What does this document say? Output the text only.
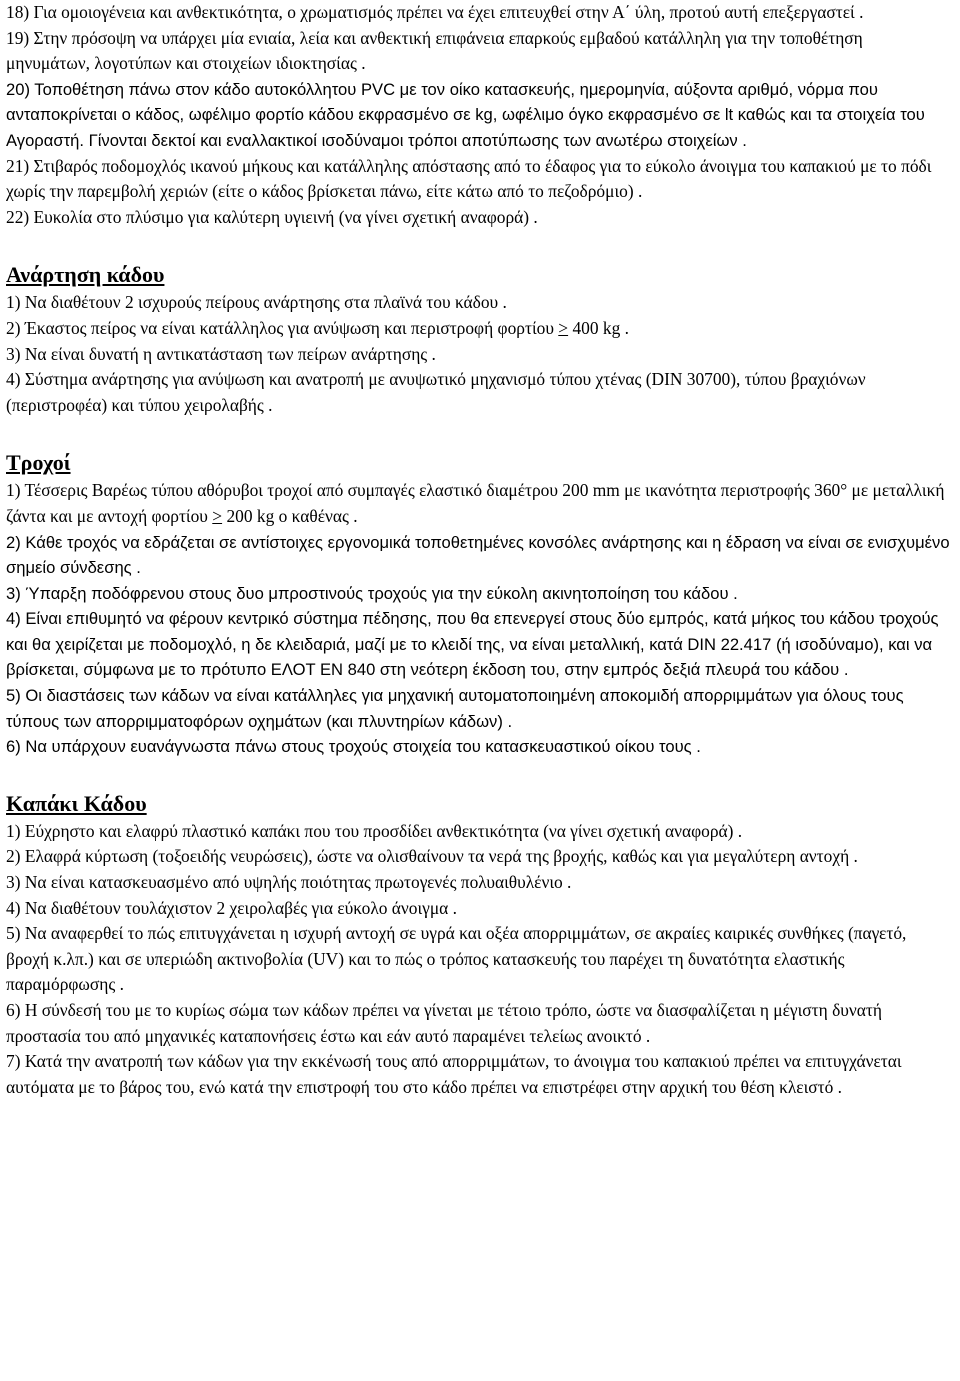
18) Για ομοιογένεια και ανθεκτικότητα, ο χρωματισμός πρέπει να έχει επιτευχθεί στην Α΄ ύλη, προτού αυτή επεξεργαστεί .

19) Στην πρόσοψη να υπάρχει μία ενιαία, λεία και ανθεκτική επιφάνεια επαρκούς εμβαδού κατάλληλη για την τοποθέτηση μηνυμάτων, λογοτύπων και στοιχείων ιδιοκτησίας .

20) Τοποθέτηση πάνω στον κάδο αυτοκόλλητου PVC με τον οίκο κατασκευής, ημερομηνία, αύξοντα αριθμό, νόρμα που ανταποκρίνεται ο κάδος, ωφέλιμο φορτίο κάδου εκφρασμένο σε kg, ωφέλιμο όγκο εκφρασμένο σε lt καθώς και τα στοιχεία του Αγοραστή. Γίνονται δεκτοί και εναλλακτικοί ισοδύναμοι τρόποι αποτύπωσης των ανωτέρω στοιχείων .

21) Στιβαρός ποδομοχλός ικανού μήκους και κατάλληλης απόστασης από το έδαφος για το εύκολο άνοιγμα του καπακιού με το πόδι χωρίς την παρεμβολή χεριών (είτε ο κάδος βρίσκεται πάνω, είτε κάτω από το πεζοδρόμιο) .

22) Ευκολία στο πλύσιμο για καλύτερη υγιεινή (να γίνει σχετική αναφορά) .

Ανάρτηση κάδου

1) Να διαθέτουν 2 ισχυρούς πείρους ανάρτησης στα πλαϊνά του κάδου .

2) Έκαστος πείρος να είναι κατάλληλος για ανύψωση και περιστροφή φορτίου > 400 kg .

3) Να είναι δυνατή η αντικατάσταση των πείρων ανάρτησης .

4) Σύστημα ανάρτησης για ανύψωση και ανατροπή με ανυψωτικό μηχανισμό τύπου χτένας (DIN 30700), τύπου βραχιόνων (περιστροφέα) και τύπου χειρολαβής .

Τροχοί

1) Τέσσερις Βαρέως τύπου αθόρυβοι τροχοί από συμπαγές ελαστικό διαμέτρου 200 mm με ικανότητα περιστροφής 360° με μεταλλική ζάντα και με αντοχή φορτίου > 200 kg ο καθένας .

2) Κάθε τροχός να εδράζεται σε αντίστοιχες εργονομικά τοποθετημένες κονσόλες ανάρτησης και η έδραση να είναι σε ενισχυμένο σημείο σύνδεσης .

3) Ύπαρξη ποδόφρενου στους δυο μπροστινούς τροχούς για την εύκολη ακινητοποίηση του κάδου .

4) Είναι επιθυμητό να φέρουν κεντρικό σύστημα πέδησης, που θα επενεργεί στους δύο εμπρός, κατά μήκος του κάδου τροχούς και θα χειρίζεται με ποδομοχλό, η δε κλειδαριά, μαζί με το κλειδί της, να είναι μεταλλική, κατά DIN 22.417 (ή ισοδύναμο), και να βρίσκεται, σύμφωνα με το πρότυπο ΕΛΟΤ ΕΝ 840 στη νεότερη έκδοση του, στην εμπρός δεξιά πλευρά του κάδου .

5) Οι διαστάσεις των κάδων να είναι κατάλληλες για μηχανική αυτοματοποιημένη αποκομιδή απορριμμάτων για όλους τους τύπους των απορριμματοφόρων οχημάτων (και πλυντηρίων κάδων) .

6) Να υπάρχουν ευανάγνωστα πάνω στους τροχούς στοιχεία του κατασκευαστικού οίκου τους .

Καπάκι Κάδου

1) Εύχρηστο και ελαφρύ πλαστικό καπάκι που του προσδίδει ανθεκτικότητα (να γίνει σχετική αναφορά) .

2) Ελαφρά κύρτωση (τοξοειδής νευρώσεις), ώστε να ολισθαίνουν τα νερά της βροχής, καθώς και για μεγαλύτερη αντοχή .

3) Να είναι κατασκευασμένο από υψηλής ποιότητας πρωτογενές πολυαιθυλένιο .

4) Να διαθέτουν τουλάχιστον 2 χειρολαβές για εύκολο άνοιγμα .

5) Να αναφερθεί το πώς επιτυγχάνεται η ισχυρή αντοχή σε υγρά και οξέα απορριμμάτων, σε ακραίες καιρικές συνθήκες (παγετό, βροχή κ.λπ.) και σε υπεριώδη ακτινοβολία (UV) και το πώς ο τρόπος κατασκευής του παρέχει τη δυνατότητα ελαστικής παραμόρφωσης .

6) Η σύνδεσή του με το κυρίως σώμα των κάδων πρέπει να γίνεται με τέτοιο τρόπο, ώστε να διασφαλίζεται η μέγιστη δυνατή προστασία του από μηχανικές καταπονήσεις έστω και εάν αυτό παραμένει τελείως ανοικτό .

7) Κατά την ανατροπή των κάδων για την εκκένωσή τους από απορριμμάτων, το άνοιγμα του καπακιού πρέπει να επιτυγχάνεται αυτόματα με το βάρος του, ενώ κατά την επιστροφή του στο κάδο πρέπει να επιστρέφει στην αρχική του θέση κλειστό .
